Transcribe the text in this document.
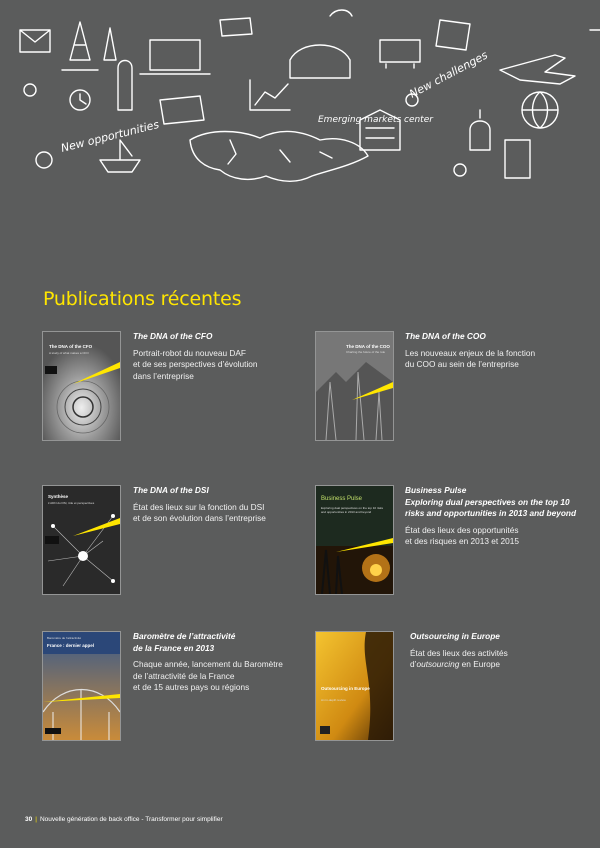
New challenges
New opportunities	Emerging markets center
Publications récentes
The DNA of the CFO
A study of what makes a CFO
The DNA of the CFO
Portrait-robot du nouveau DAF
et de ses perspectives d’évolution
dans l’entreprise
The DNA of the COO
Charting the future of the role
The DNA of the COO
Les nouveaux enjeux de la fonction
du COO au sein de l’entreprise
Synthèse
L’ADN du DSI, rôle et perspectives
The DNA of the DSI
État des lieux sur la fonction du DSI
et de son évolution dans l’entreprise
Business Pulse
Exploring dual perspectives on the top 10 risks and opportunities in 2013 and beyond
Business Pulse
Exploring dual perspectives on the top 10
risks and opportunities in 2013 and beyond
État des lieux des opportunités
et des risques en 2013 et 2015
France : dernier appel
Baromètre de l’attractivité	Baromètre de l’attractivité
de la France en 2013
Chaque année, lancement du Baromètre
de l’attractivité de la France
et de 15 autres pays ou régions	Outsourcing in Europe
An in-depth review
Outsourcing in Europe
État des lieux des activités
d’outsourcing en Europe
30 | Nouvelle génération de back office - Transformer pour simplifier
